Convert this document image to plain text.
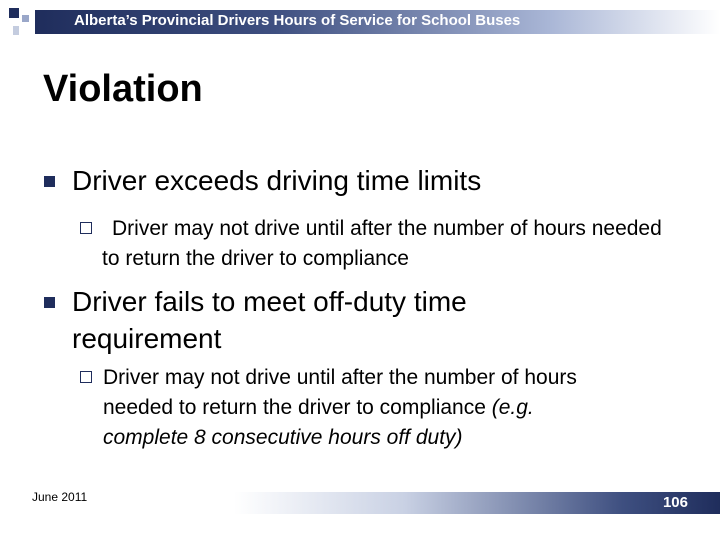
Alberta’s Provincial Drivers Hours of Service for School Buses
Violation
Driver exceeds driving time limits
Driver may not drive until after the number of hours needed to return the driver to compliance
Driver fails to meet off-duty time
requirement
Driver may not drive until after the number of hours
needed to return the driver to compliance (e.g.
complete 8 consecutive hours off duty)
June 2011	106
